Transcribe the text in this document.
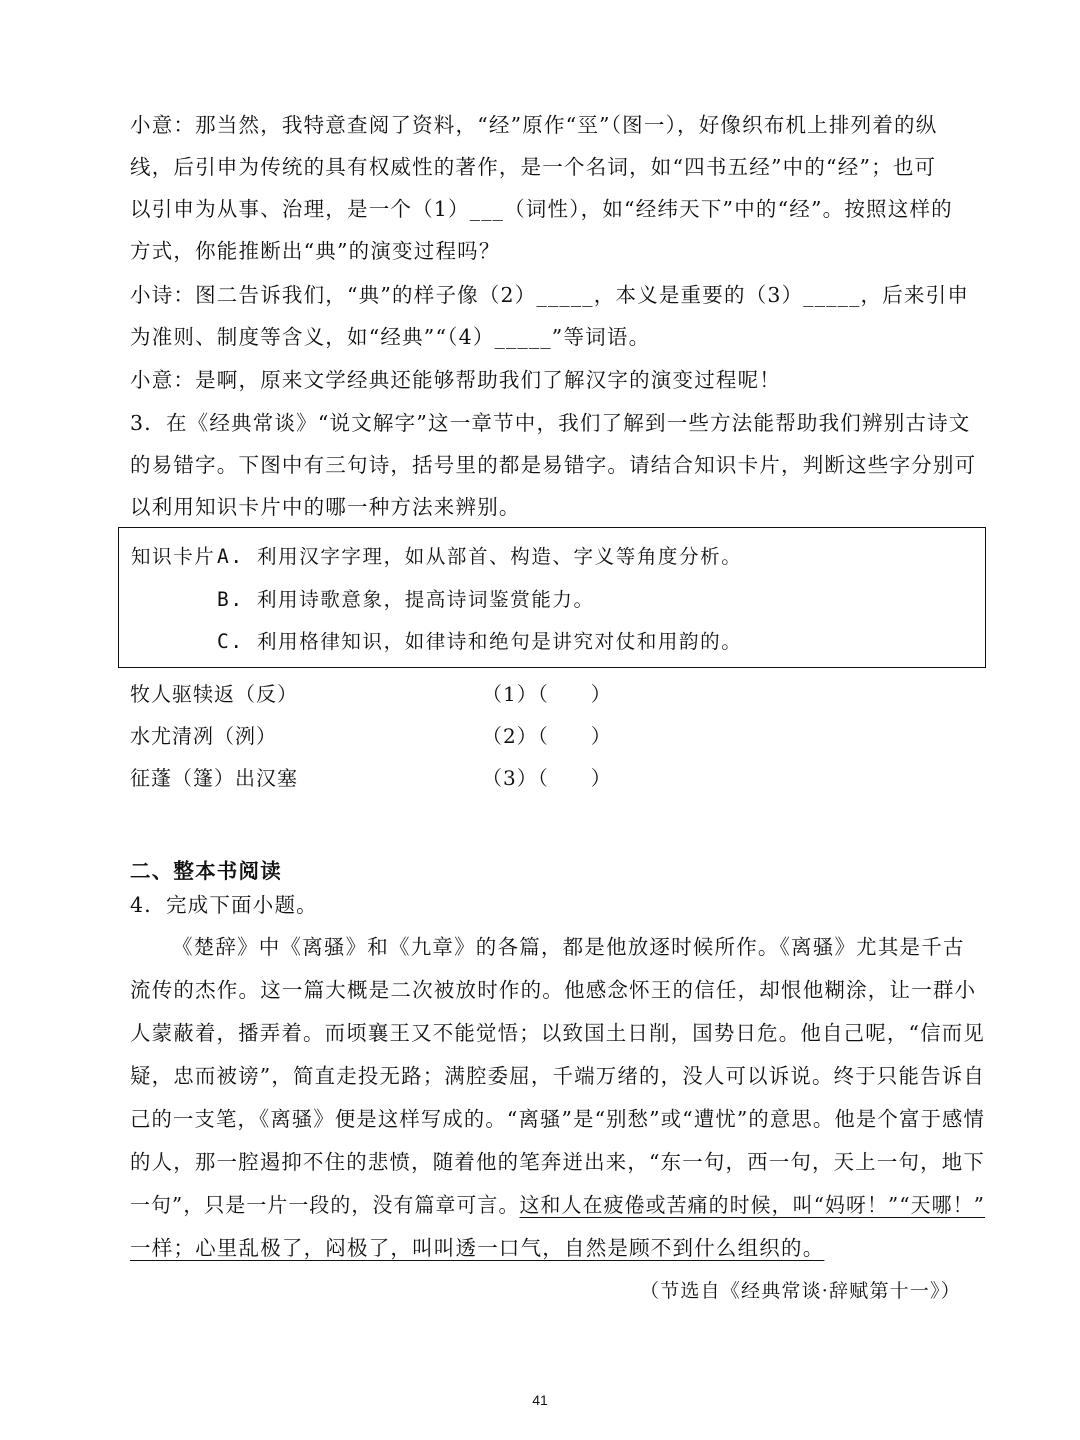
小意：那当然，我特意查阅了资料，“经”原作“巠”（图一），好像织布机上排列着的纵
线，后引申为传统的具有权威性的著作，是一个名词，如“四书五经”中的“经”；也可
以引申为从事、治理，是一个（1）___（词性），如“经纬天下”中的“经”。按照这样的
方式，你能推断出“典”的演变过程吗？
小诗：图二告诉我们，“典”的样子像（2）_____，本义是重要的（3）_____，后来引申
为准则、制度等含义，如“经典”“（4）_____”等词语。
小意：是啊，原来文学经典还能够帮助我们了解汉字的演变过程呢！
3．在《经典常谈》“说文解字”这一章节中，我们了解到一些方法能帮助我们辨别古诗文
的易错字。下图中有三句诗，括号里的都是易错字。请结合知识卡片，判断这些字分别可
以利用知识卡片中的哪一种方法来辨别。
知识卡片 A. 利用汉字字理，如从部首、构造、字义等角度分析。
B. 利用诗歌意象，提高诗词鉴赏能力。
C. 利用格律知识，如律诗和绝句是讲究对仗和用韵的。
牧人驱犊返（反）	（1）（　　）
水尤清冽（洌）	（2）（　　）
征蓬（篷）出汉塞	（3）（　　）
二、整本书阅读
4．完成下面小题。
《楚辞》中《离骚》和《九章》的各篇，都是他放逐时候所作。《离骚》尤其是千古
流传的杰作。这一篇大概是二次被放时作的。他感念怀王的信任，却恨他糊涂，让一群小
人蒙蔽着，播弄着。而顷襄王又不能觉悟；以致国土日削，国势日危。他自己呢，“信而见
疑，忠而被谤”，简直走投无路；满腔委屈，千端万绪的，没人可以诉说。终于只能告诉自
己的一支笔，《离骚》便是这样写成的。“离骚”是“别愁”或“遭忧”的意思。他是个富于感情
的人，那一腔遏抑不住的悲愤，随着他的笔奔迸出来，“东一句，西一句，天上一句，地下
一句”，只是一片一段的，没有篇章可言。这和人在疲倦或苦痛的时候，叫“妈呀！”“天哪！”
一样；心里乱极了，闷极了，叫叫透一口气，自然是顾不到什么组织的。
（节选自《经典常谈·辞赋第十一》）
41
